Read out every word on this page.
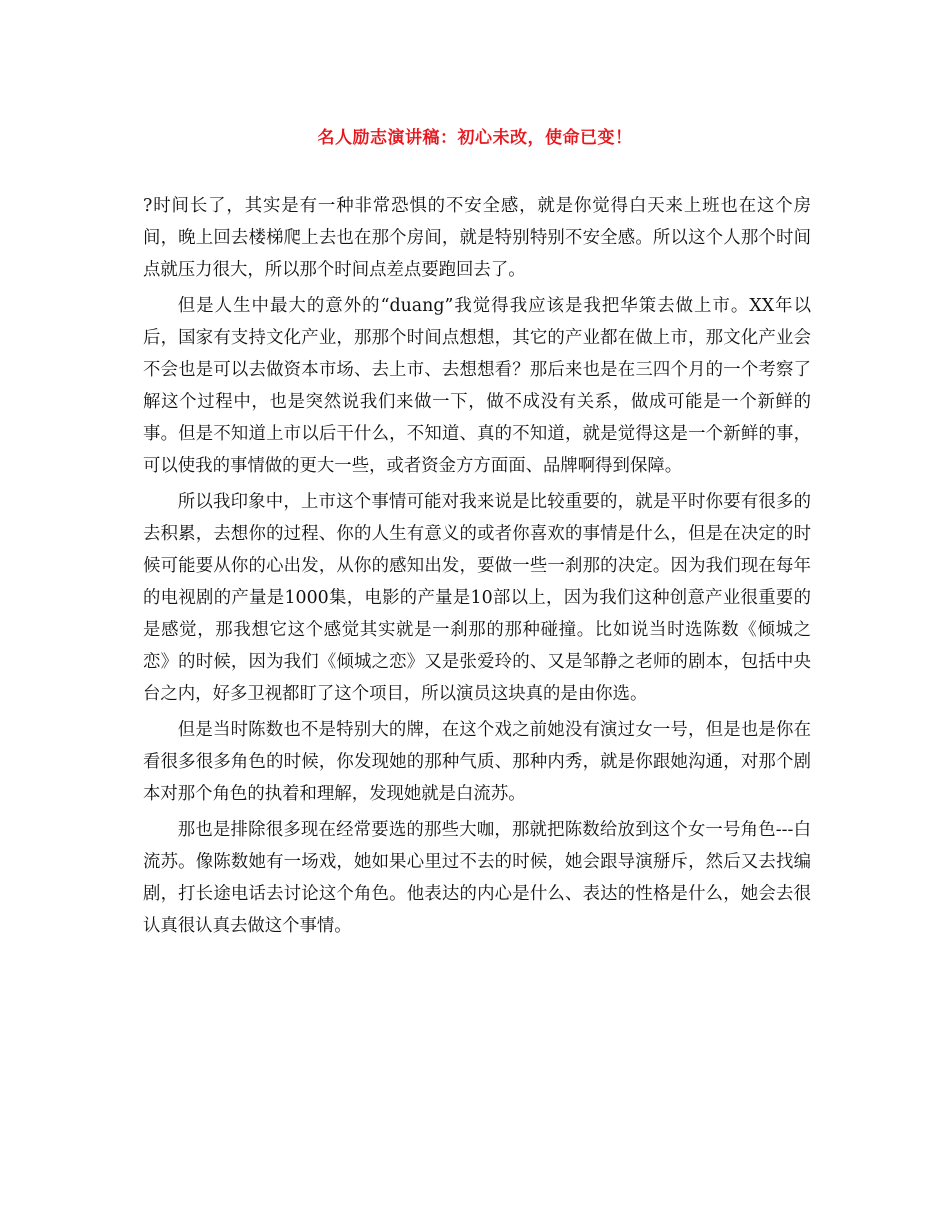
名人励志演讲稿：初心未改，使命已变！

?时间长了，其实是有一种非常恐惧的不安全感，就是你觉得白天来上班也在这个房间，晚上回去楼梯爬上去也在那个房间，就是特别特别不安全感。所以这个人那个时间点就压力很大，所以那个时间点差点要跑回去了。

但是人生中最大的意外的“duang”我觉得我应该是我把华策去做上市。XX年以后，国家有支持文化产业，那那个时间点想想，其它的产业都在做上市，那文化产业会不会也是可以去做资本市场、去上市、去想想看？那后来也是在三四个月的一个考察了解这个过程中，也是突然说我们来做一下，做不成没有关系，做成可能是一个新鲜的事。但是不知道上市以后干什么，不知道、真的不知道，就是觉得这是一个新鲜的事，可以使我的事情做的更大一些，或者资金方方面面、品牌啊得到保障。

所以我印象中，上市这个事情可能对我来说是比较重要的，就是平时你要有很多的去积累，去想你的过程、你的人生有意义的或者你喜欢的事情是什么，但是在决定的时候可能要从你的心出发，从你的感知出发，要做一些一刹那的决定。因为我们现在每年的电视剧的产量是1000集，电影的产量是10部以上，因为我们这种创意产业很重要的是感觉，那我想它这个感觉其实就是一刹那的那种碰撞。比如说当时选陈数《倾城之恋》的时候，因为我们《倾城之恋》又是张爱玲的、又是邹静之老师的剧本，包括中央台之内，好多卫视都盯了这个项目，所以演员这块真的是由你选。

但是当时陈数也不是特别大的牌，在这个戏之前她没有演过女一号，但是也是你在看很多很多角色的时候，你发现她的那种气质、那种内秀，就是你跟她沟通，对那个剧本对那个角色的执着和理解，发现她就是白流苏。

那也是排除很多现在经常要选的那些大咖，那就把陈数给放到这个女一号角色---白流苏。像陈数她有一场戏，她如果心里过不去的时候，她会跟导演掰斥，然后又去找编剧，打长途电话去讨论这个角色。他表达的内心是什么、表达的性格是什么，她会去很认真很认真去做这个事情。
